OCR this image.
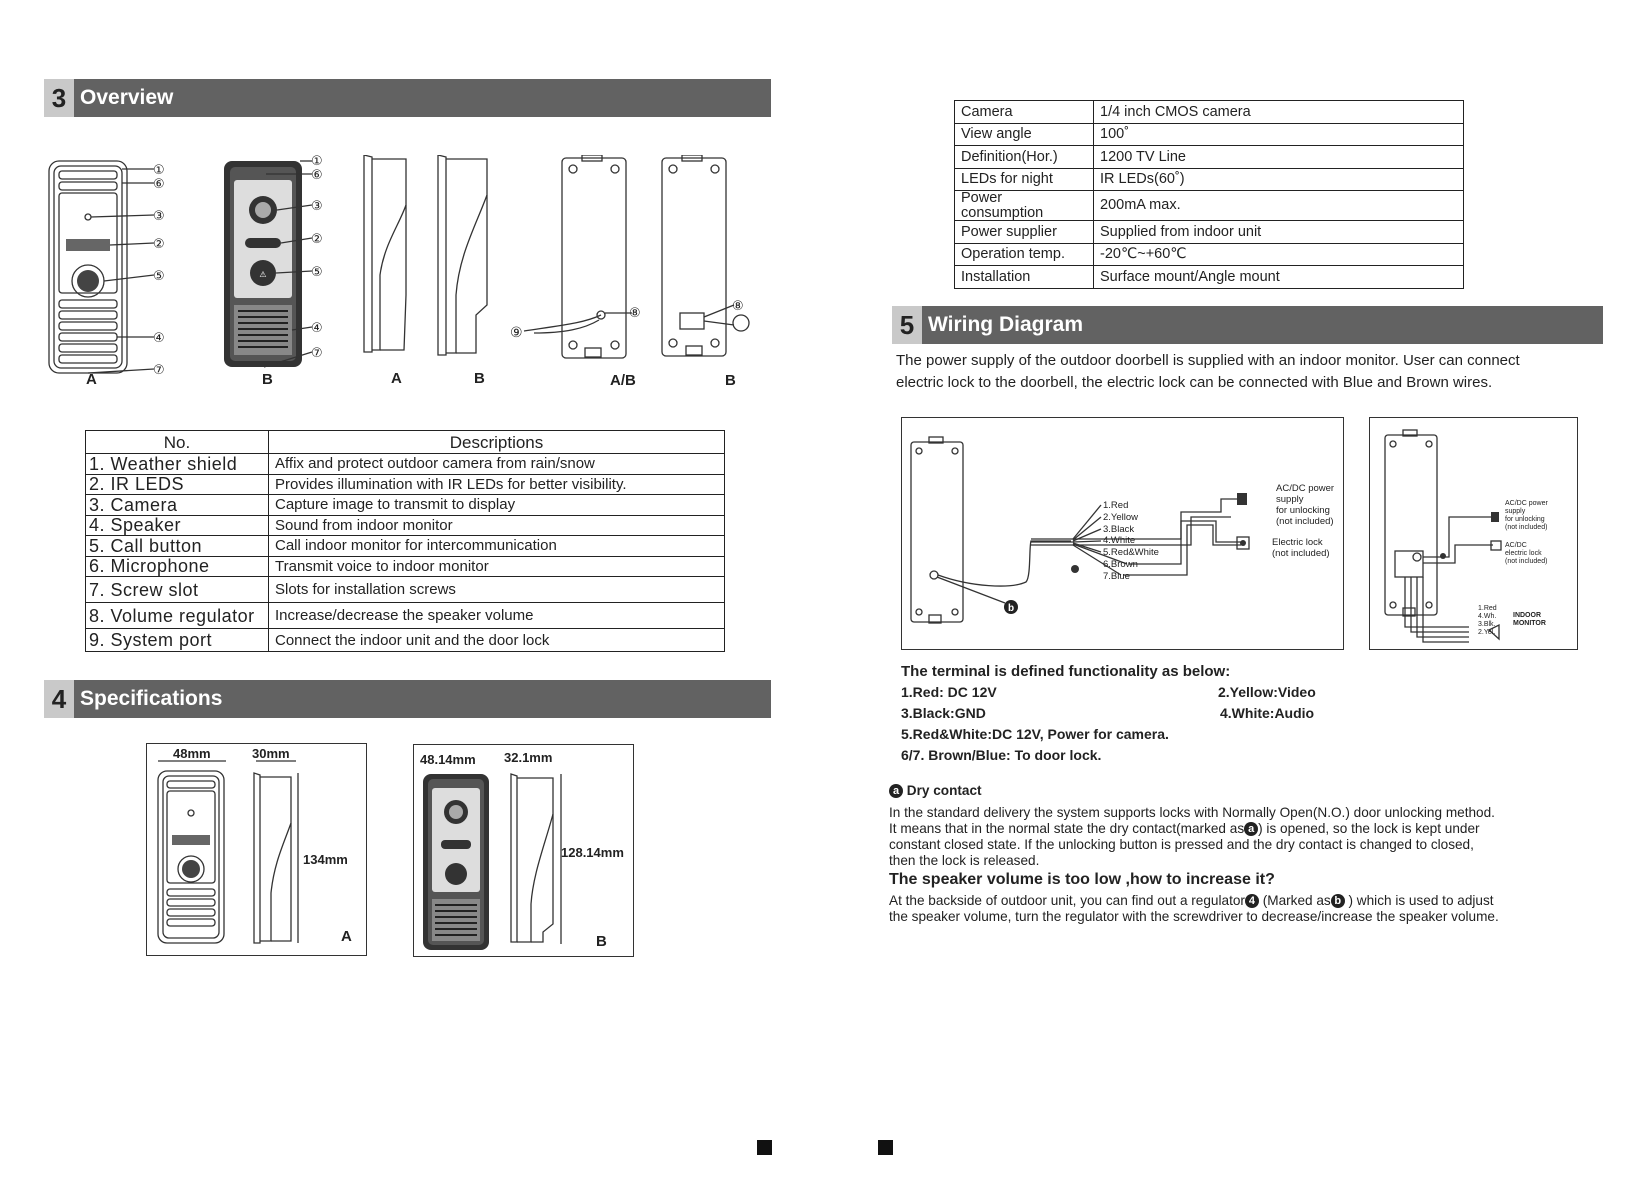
3 Overview
①
⑥
③
②
⑤
④
⑦
⚠
①
⑥
③
②
⑤
④
⑦
⑧
⑨
⑧
A	B	A	B	A/B	B
No.	Descriptions
1. Weather shield	Affix and protect outdoor camera from rain/snow
2. IR LEDS	Provides illumination with IR LEDs for better visibility.
3. Camera	Capture image to transmit to display
4. Speaker	Sound from indoor monitor
5. Call button	Call indoor monitor for intercommunication
6. Microphone	Transmit voice to indoor monitor
7. Screw slot	Slots for installation screws
8. Volume regulator	Increase/decrease the speaker volume
9. System port	Connect the indoor unit and the door lock
4 Specifications
48mm	30mm
134mm
A
48.14mm 32.1mm
128.14mm
B
Camera	1/4 inch CMOS camera
View angle	100˚
Definition(Hor.)	1200 TV Line
LEDs for night	IR LEDs(60˚)
Power consumption	200mA max.
Power supplier	Supplied from indoor unit
Operation temp.	-20℃~+60℃
Installation	Surface mount/Angle mount
5 Wiring Diagram
The power supply of the outdoor doorbell is supplied with an indoor monitor. User can connect
electric lock to the doorbell, the electric lock can be connected with Blue and Brown wires.
b
1.Red
2.Yellow
3.Black
4.White
5.Red&White
6.Brown
7.Blue
AC/DC power
supply
for unlocking
(not included)
Electric lock
(not included)
AC/DC power
supply
for unlocking
(not included)
AC/DC
electric lock
(not included)
1.Red
4.Wh.
3.Blk.
2.Yel.
INDOOR
MONITOR
The terminal is defined functionality as below:
1.Red: DC 12V	2.Yellow:Video
3.Black:GND	4.White:Audio
5.Red&White:DC 12V, Power for camera.
6/7. Brown/Blue: To door lock.
a Dry contact
In the standard delivery the system supports locks with Normally Open(N.O.) door unlocking method.
It means that in the normal state the dry contact(marked as a ) is opened, so the lock is kept under
constant closed state. If the unlocking button is pressed and the dry contact is changed to closed,
then the lock is released.
The speaker volume is too low ,how to increase it?
At the backside of outdoor unit, you can find out a regulator 4 (Marked as b ) which is used to adjust
the speaker volume, turn the regulator with the screwdriver to decrease/increase the speaker volume.
